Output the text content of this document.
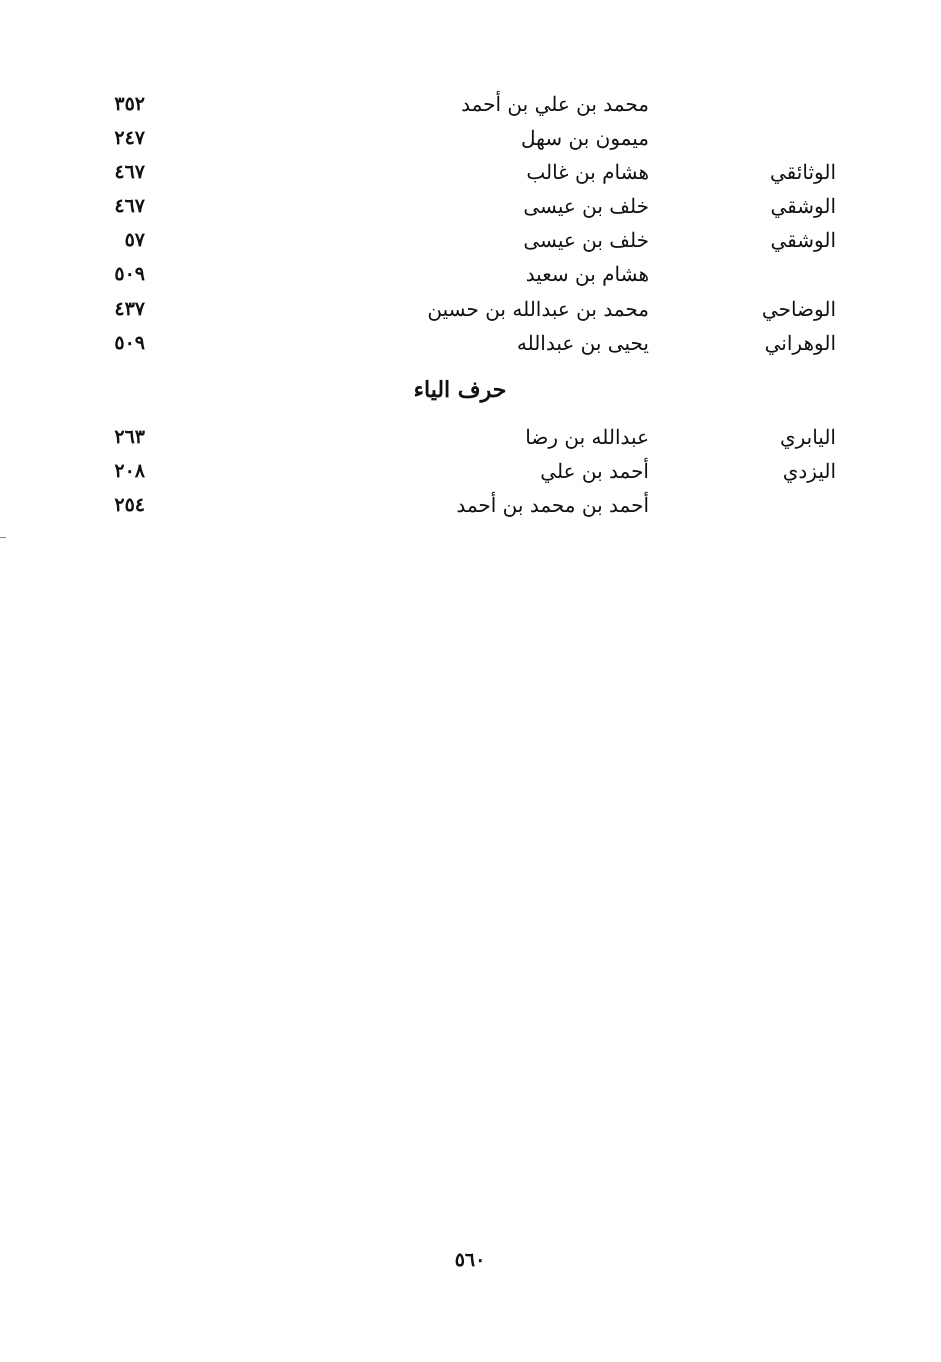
محمد بن علي بن أحمد
٣٥٢
ميمون بن سهل
٢٤٧
الوثائقي
هشام بن غالب
٤٦٧
الوشقي
خلف بن عيسى
٤٦٧
الوشقي
خلف بن عيسى
٥٧
هشام بن سعيد
٥٠٩
الوضاحي
محمد بن عبدالله بن حسين
٤٣٧
الوهراني
يحيى بن عبدالله
٥٠٩
حرف الياء
اليابري
عبدالله بن رضا
٢٦٣
اليزدي
أحمد بن علي
٢٠٨
أحمد بن محمد بن أحمد
٢٥٤
٥٦٠
